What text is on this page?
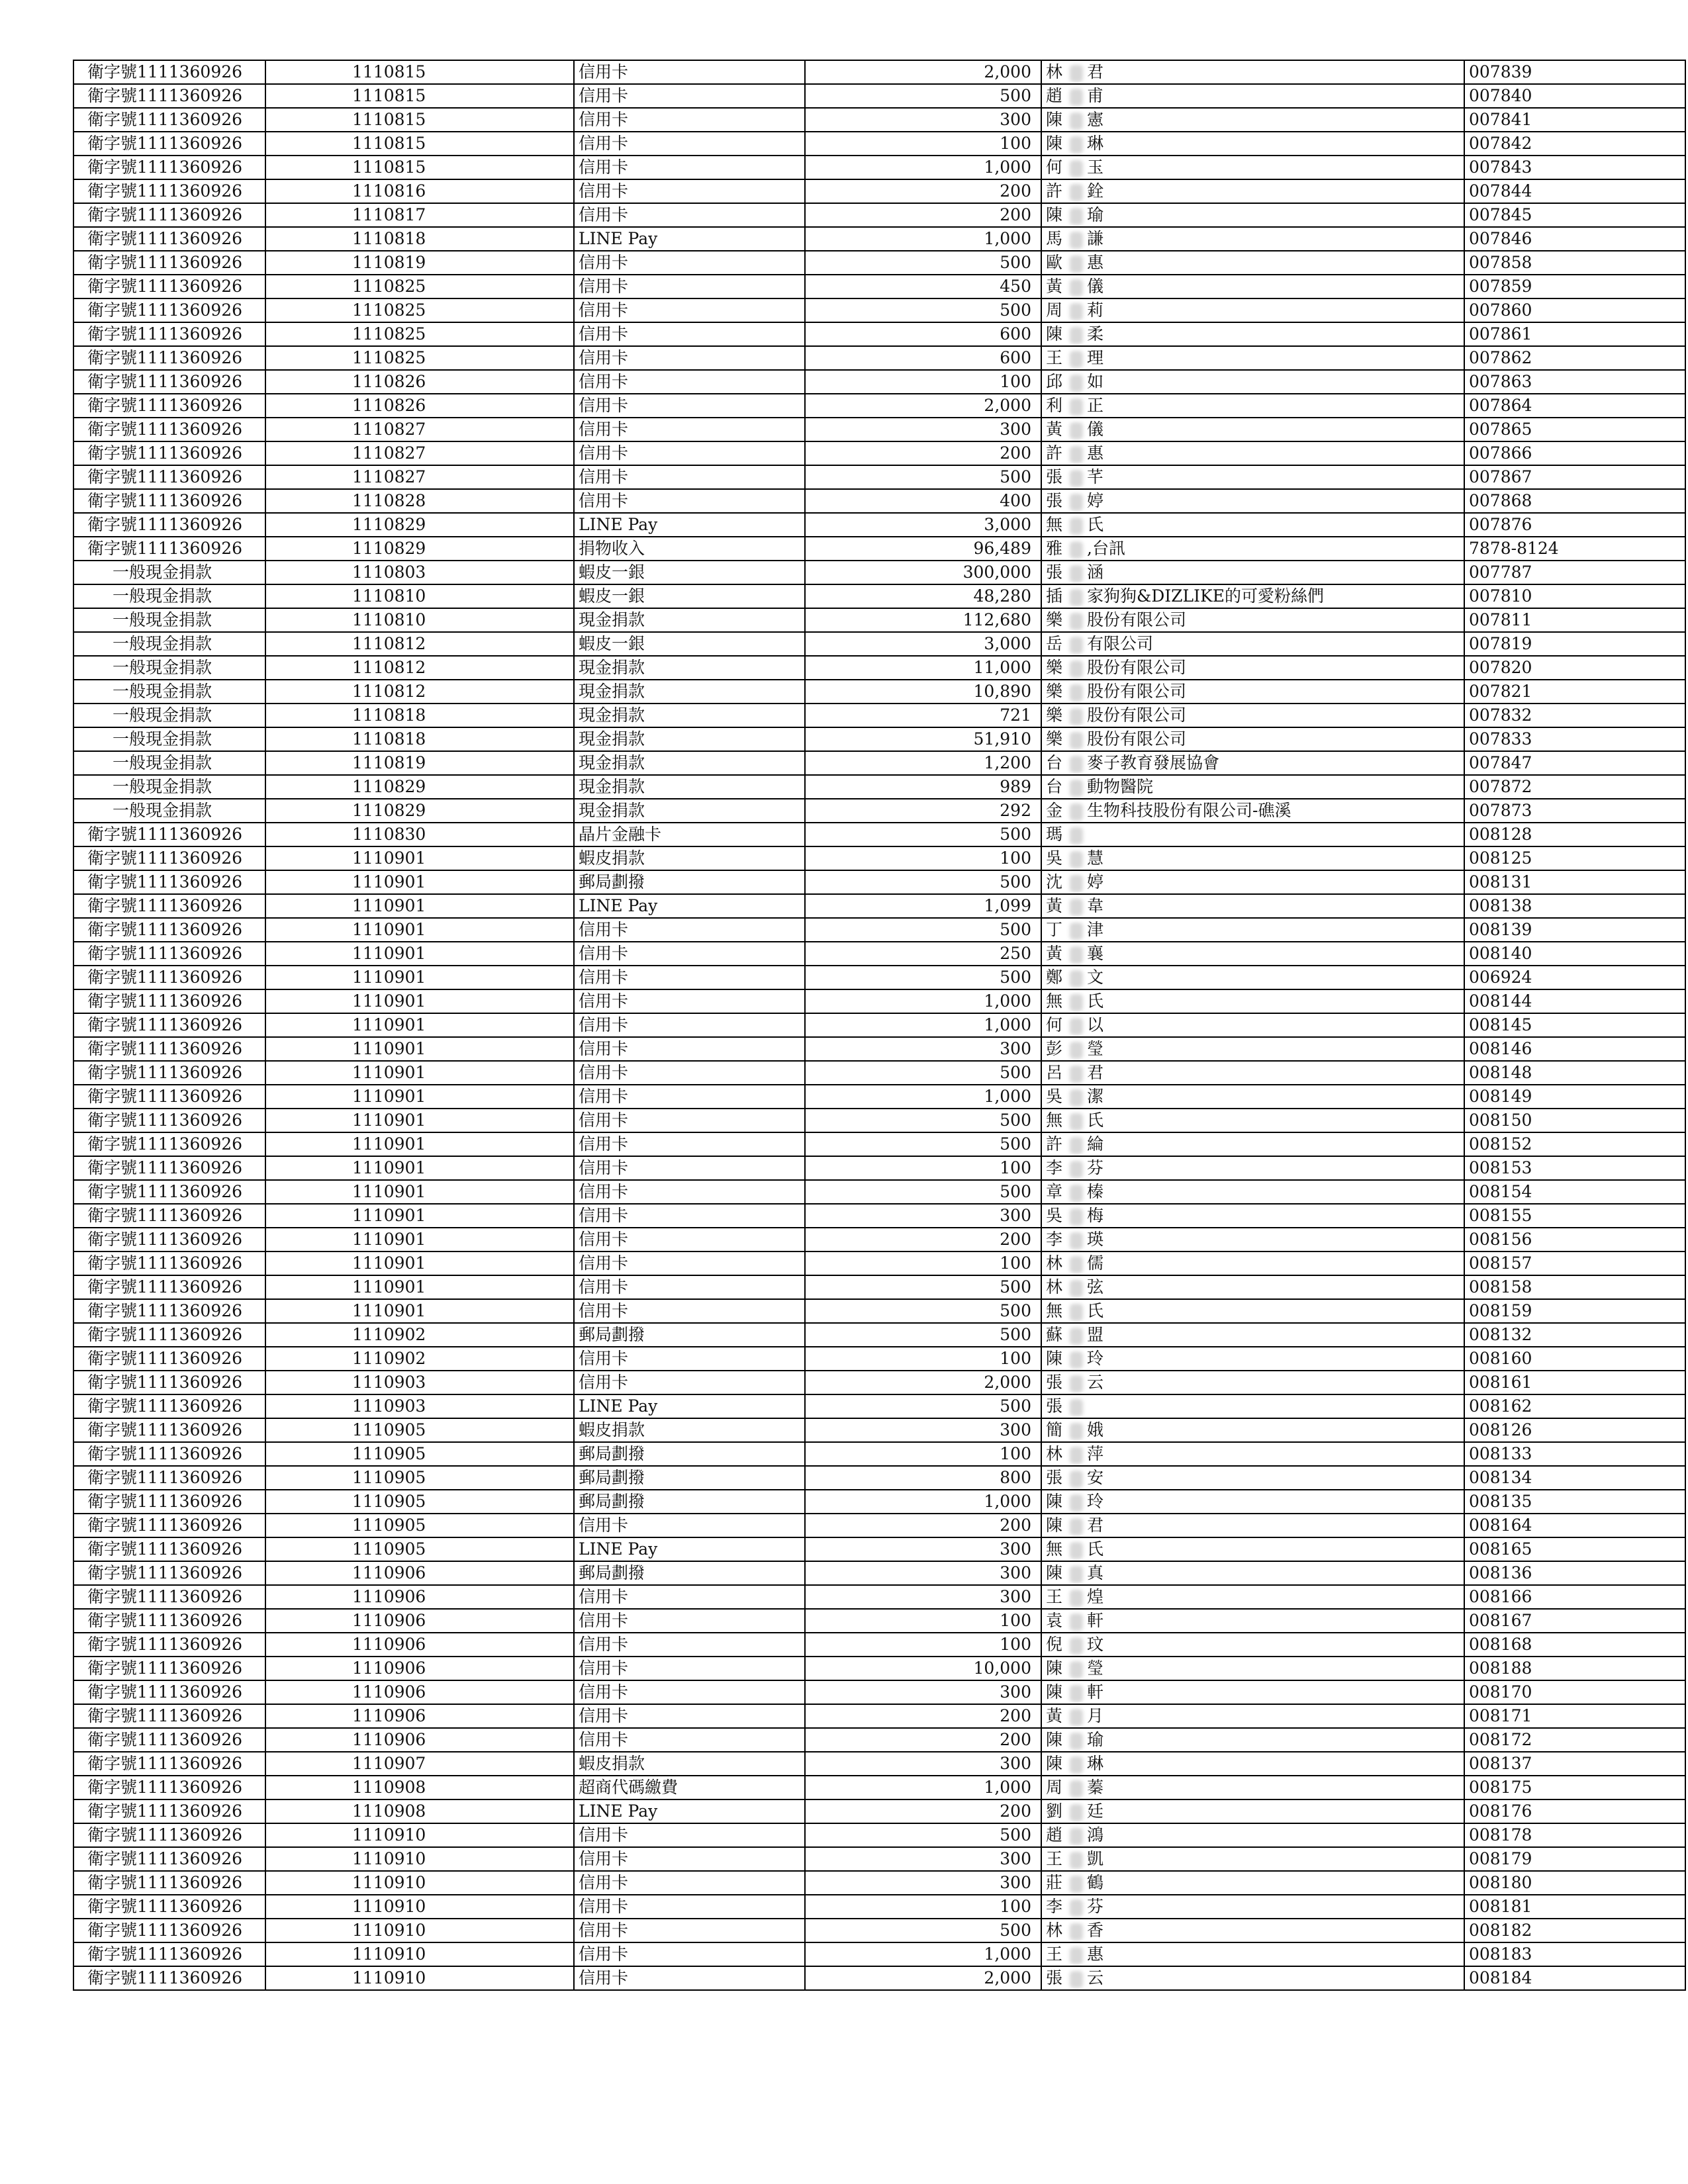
衛字號1111360926	1110815	信用卡	2,000	林 君	007839
衛字號1111360926	1110815	信用卡	500	趙 甫	007840
衛字號1111360926	1110815	信用卡	300	陳 憲	007841
衛字號1111360926	1110815	信用卡	100	陳 琳	007842
衛字號1111360926	1110815	信用卡	1,000	何 玉	007843
衛字號1111360926	1110816	信用卡	200	許 銓	007844
衛字號1111360926	1110817	信用卡	200	陳 瑜	007845
衛字號1111360926	1110818	LINE Pay	1,000	馬 謙	007846
衛字號1111360926	1110819	信用卡	500	歐 惠	007858
衛字號1111360926	1110825	信用卡	450	黃 儀	007859
衛字號1111360926	1110825	信用卡	500	周 莉	007860
衛字號1111360926	1110825	信用卡	600	陳 柔	007861
衛字號1111360926	1110825	信用卡	600	王 理	007862
衛字號1111360926	1110826	信用卡	100	邱 如	007863
衛字號1111360926	1110826	信用卡	2,000	利 正	007864
衛字號1111360926	1110827	信用卡	300	黃 儀	007865
衛字號1111360926	1110827	信用卡	200	許 惠	007866
衛字號1111360926	1110827	信用卡	500	張 芊	007867
衛字號1111360926	1110828	信用卡	400	張 婷	007868
衛字號1111360926	1110829	LINE Pay	3,000	無 氏	007876
衛字號1111360926	1110829	捐物收入	96,489	雅 ,台訊	7878-8124
一般現金捐款	1110803	蝦皮一銀	300,000	張 涵	007787
一般現金捐款	1110810	蝦皮一銀	48,280	插 家狗狗&DIZLIKE的可愛粉絲們	007810
一般現金捐款	1110810	現金捐款	112,680	樂 股份有限公司	007811
一般現金捐款	1110812	蝦皮一銀	3,000	岳 有限公司	007819
一般現金捐款	1110812	現金捐款	11,000	樂 股份有限公司	007820
一般現金捐款	1110812	現金捐款	10,890	樂 股份有限公司	007821
一般現金捐款	1110818	現金捐款	721	樂 股份有限公司	007832
一般現金捐款	1110818	現金捐款	51,910	樂 股份有限公司	007833
一般現金捐款	1110819	現金捐款	1,200	台 麥子教育發展協會	007847
一般現金捐款	1110829	現金捐款	989	台 動物醫院	007872
一般現金捐款	1110829	現金捐款	292	金 生物科技股份有限公司-礁溪	007873
衛字號1111360926	1110830	晶片金融卡	500	瑪	008128
衛字號1111360926	1110901	蝦皮捐款	100	吳 慧	008125
衛字號1111360926	1110901	郵局劃撥	500	沈 婷	008131
衛字號1111360926	1110901	LINE Pay	1,099	黃 韋	008138
衛字號1111360926	1110901	信用卡	500	丁 津	008139
衛字號1111360926	1110901	信用卡	250	黃 襄	008140
衛字號1111360926	1110901	信用卡	500	鄭 文	006924
衛字號1111360926	1110901	信用卡	1,000	無 氏	008144
衛字號1111360926	1110901	信用卡	1,000	何 以	008145
衛字號1111360926	1110901	信用卡	300	彭 瑩	008146
衛字號1111360926	1110901	信用卡	500	呂 君	008148
衛字號1111360926	1110901	信用卡	1,000	吳 潔	008149
衛字號1111360926	1110901	信用卡	500	無 氏	008150
衛字號1111360926	1110901	信用卡	500	許 綸	008152
衛字號1111360926	1110901	信用卡	100	李 芬	008153
衛字號1111360926	1110901	信用卡	500	章 榛	008154
衛字號1111360926	1110901	信用卡	300	吳 梅	008155
衛字號1111360926	1110901	信用卡	200	李 瑛	008156
衛字號1111360926	1110901	信用卡	100	林 儒	008157
衛字號1111360926	1110901	信用卡	500	林 弦	008158
衛字號1111360926	1110901	信用卡	500	無 氏	008159
衛字號1111360926	1110902	郵局劃撥	500	蘇 盟	008132
衛字號1111360926	1110902	信用卡	100	陳 玲	008160
衛字號1111360926	1110903	信用卡	2,000	張 云	008161
衛字號1111360926	1110903	LINE Pay	500	張	008162
衛字號1111360926	1110905	蝦皮捐款	300	簡 娥	008126
衛字號1111360926	1110905	郵局劃撥	100	林 萍	008133
衛字號1111360926	1110905	郵局劃撥	800	張 安	008134
衛字號1111360926	1110905	郵局劃撥	1,000	陳 玲	008135
衛字號1111360926	1110905	信用卡	200	陳 君	008164
衛字號1111360926	1110905	LINE Pay	300	無 氏	008165
衛字號1111360926	1110906	郵局劃撥	300	陳 真	008136
衛字號1111360926	1110906	信用卡	300	王 煌	008166
衛字號1111360926	1110906	信用卡	100	袁 軒	008167
衛字號1111360926	1110906	信用卡	100	倪 玟	008168
衛字號1111360926	1110906	信用卡	10,000	陳 瑩	008188
衛字號1111360926	1110906	信用卡	300	陳 軒	008170
衛字號1111360926	1110906	信用卡	200	黃 月	008171
衛字號1111360926	1110906	信用卡	200	陳 瑜	008172
衛字號1111360926	1110907	蝦皮捐款	300	陳 琳	008137
衛字號1111360926	1110908	超商代碼繳費	1,000	周 蓁	008175
衛字號1111360926	1110908	LINE Pay	200	劉 廷	008176
衛字號1111360926	1110910	信用卡	500	趙 鴻	008178
衛字號1111360926	1110910	信用卡	300	王 凱	008179
衛字號1111360926	1110910	信用卡	300	莊 鶴	008180
衛字號1111360926	1110910	信用卡	100	李 芬	008181
衛字號1111360926	1110910	信用卡	500	林 香	008182
衛字號1111360926	1110910	信用卡	1,000	王 惠	008183
衛字號1111360926	1110910	信用卡	2,000	張 云	008184
